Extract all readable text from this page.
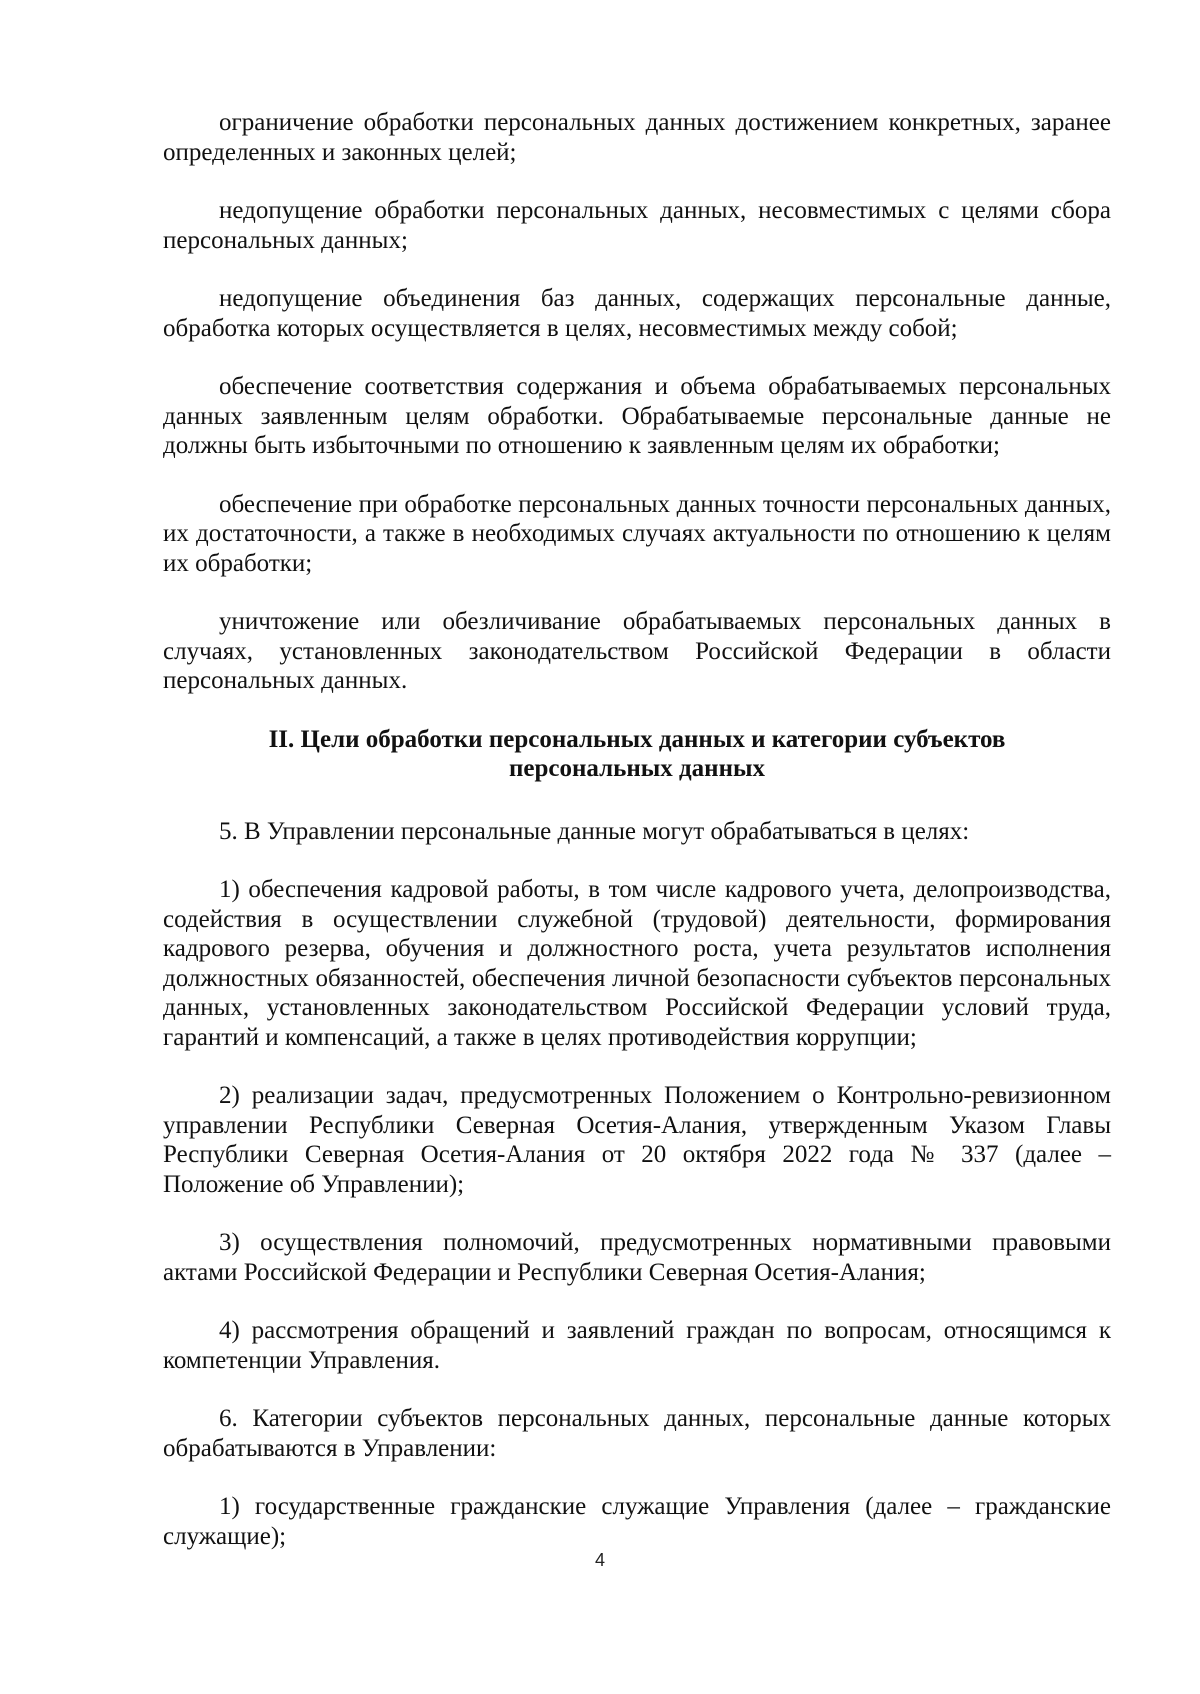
ограничение обработки персональных данных достижением конкретных, заранее определенных и законных целей;

недопущение обработки персональных данных, несовместимых с целями сбора персональных данных;

недопущение объединения баз данных, содержащих персональные данные, обработка которых осуществляется в целях, несовместимых между собой;

обеспечение соответствия содержания и объема обрабатываемых персональных данных заявленным целям обработки. Обрабатываемые персональные данные не должны быть избыточными по отношению к заявленным целям их обработки;

обеспечение при обработке персональных данных точности персональных данных, их достаточности, а также в необходимых случаях актуальности по отношению к целям их обработки;

уничтожение или обезличивание обрабатываемых персональных данных в случаях, установленных законодательством Российской Федерации в области персональных данных.

II. Цели обработки персональных данных и категории субъектов
персональных данных

5. В Управлении персональные данные могут обрабатываться в целях:

1) обеспечения кадровой работы, в том числе кадрового учета, делопроизводства, содействия в осуществлении служебной (трудовой) деятельности, формирования кадрового резерва, обучения и должностного роста, учета результатов исполнения должностных обязанностей, обеспечения личной безопасности субъектов персональных данных, установленных законодательством Российской Федерации условий труда, гарантий и компенсаций, а также в целях противодействия коррупции;

2) реализации задач, предусмотренных Положением о Контрольно-ревизионном управлении Республики Северная Осетия-Алания, утвержденным Указом Главы Республики Северная Осетия-Алания от 20 октября 2022 года № 337 (далее – Положение об Управлении);

3) осуществления полномочий, предусмотренных нормативными правовыми актами Российской Федерации и Республики Северная Осетия-Алания;

4) рассмотрения обращений и заявлений граждан по вопросам, относящимся к компетенции Управления.

6. Категории субъектов персональных данных, персональные данные которых обрабатываются в Управлении:

1) государственные гражданские служащие Управления (далее – гражданские служащие);

4
